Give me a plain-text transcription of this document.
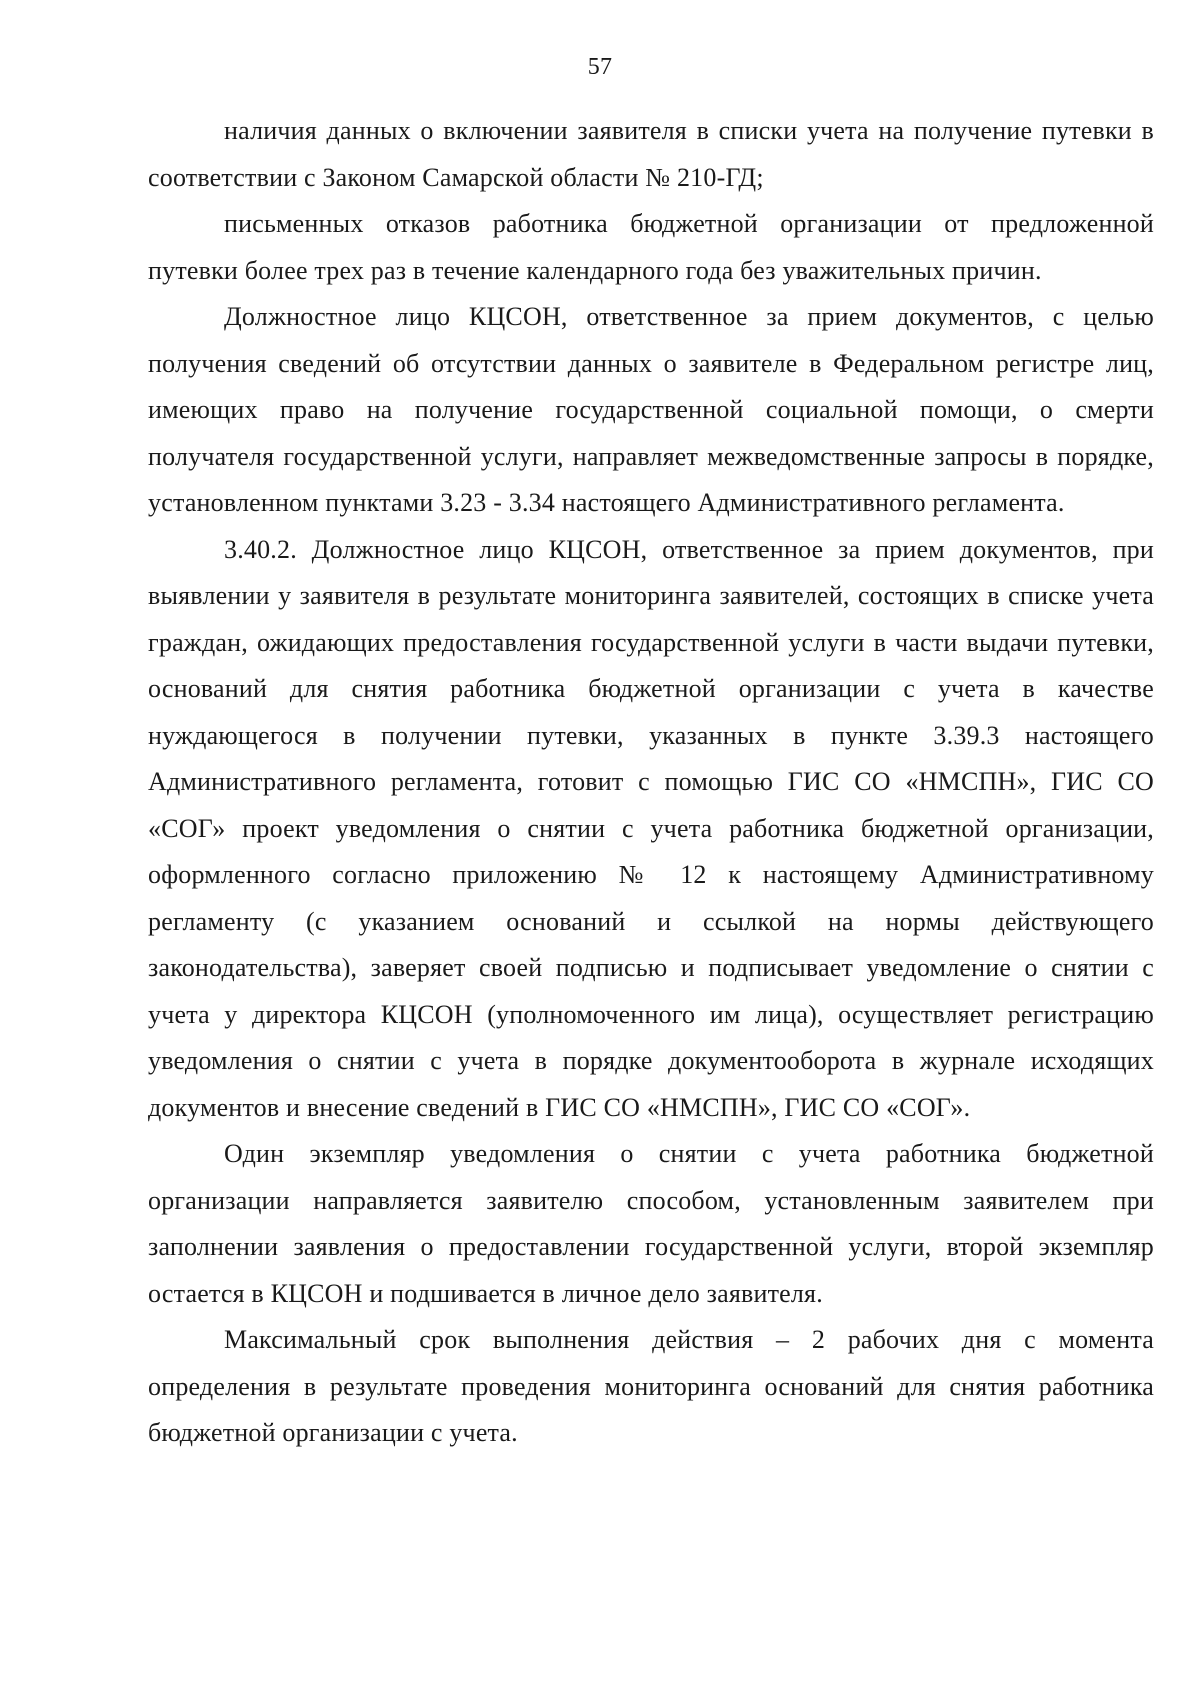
57

наличия данных о включении заявителя в списки учета на получение путевки в соответствии с Законом Самарской области № 210-ГД;

письменных отказов работника бюджетной организации от предложенной путевки более трех раз в течение календарного года без уважительных причин.

Должностное лицо КЦСОН, ответственное за прием документов, с целью получения сведений об отсутствии данных о заявителе в Федеральном регистре лиц, имеющих право на получение государственной социальной помощи, о смерти получателя государственной услуги, направляет межведомственные запросы в порядке, установленном пунктами 3.23 - 3.34 настоящего Административного регламента.

3.40.2. Должностное лицо КЦСОН, ответственное за прием документов, при выявлении у заявителя в результате мониторинга заявителей, состоящих в списке учета граждан, ожидающих предоставления государственной услуги в части выдачи путевки, оснований для снятия работника бюджетной организации с учета в качестве нуждающегося в получении путевки, указанных в пункте 3.39.3 настоящего Административного регламента, готовит с помощью ГИС СО «НМСПН», ГИС СО «СОГ» проект уведомления о снятии с учета работника бюджетной организации, оформленного согласно приложению № 12 к настоящему Административному регламенту (с указанием оснований и ссылкой на нормы действующего законодательства), заверяет своей подписью и подписывает уведомление о снятии с учета у директора КЦСОН (уполномоченного им лица), осуществляет регистрацию уведомления о снятии с учета в порядке документооборота в журнале исходящих документов и внесение сведений в ГИС СО «НМСПН», ГИС СО «СОГ».

Один экземпляр уведомления о снятии с учета работника бюджетной организации направляется заявителю способом, установленным заявителем при заполнении заявления о предоставлении государственной услуги, второй экземпляр остается в КЦСОН и подшивается в личное дело заявителя.

Максимальный срок выполнения действия – 2 рабочих дня с момента определения в результате проведения мониторинга оснований для снятия работника бюджетной организации с учета.
